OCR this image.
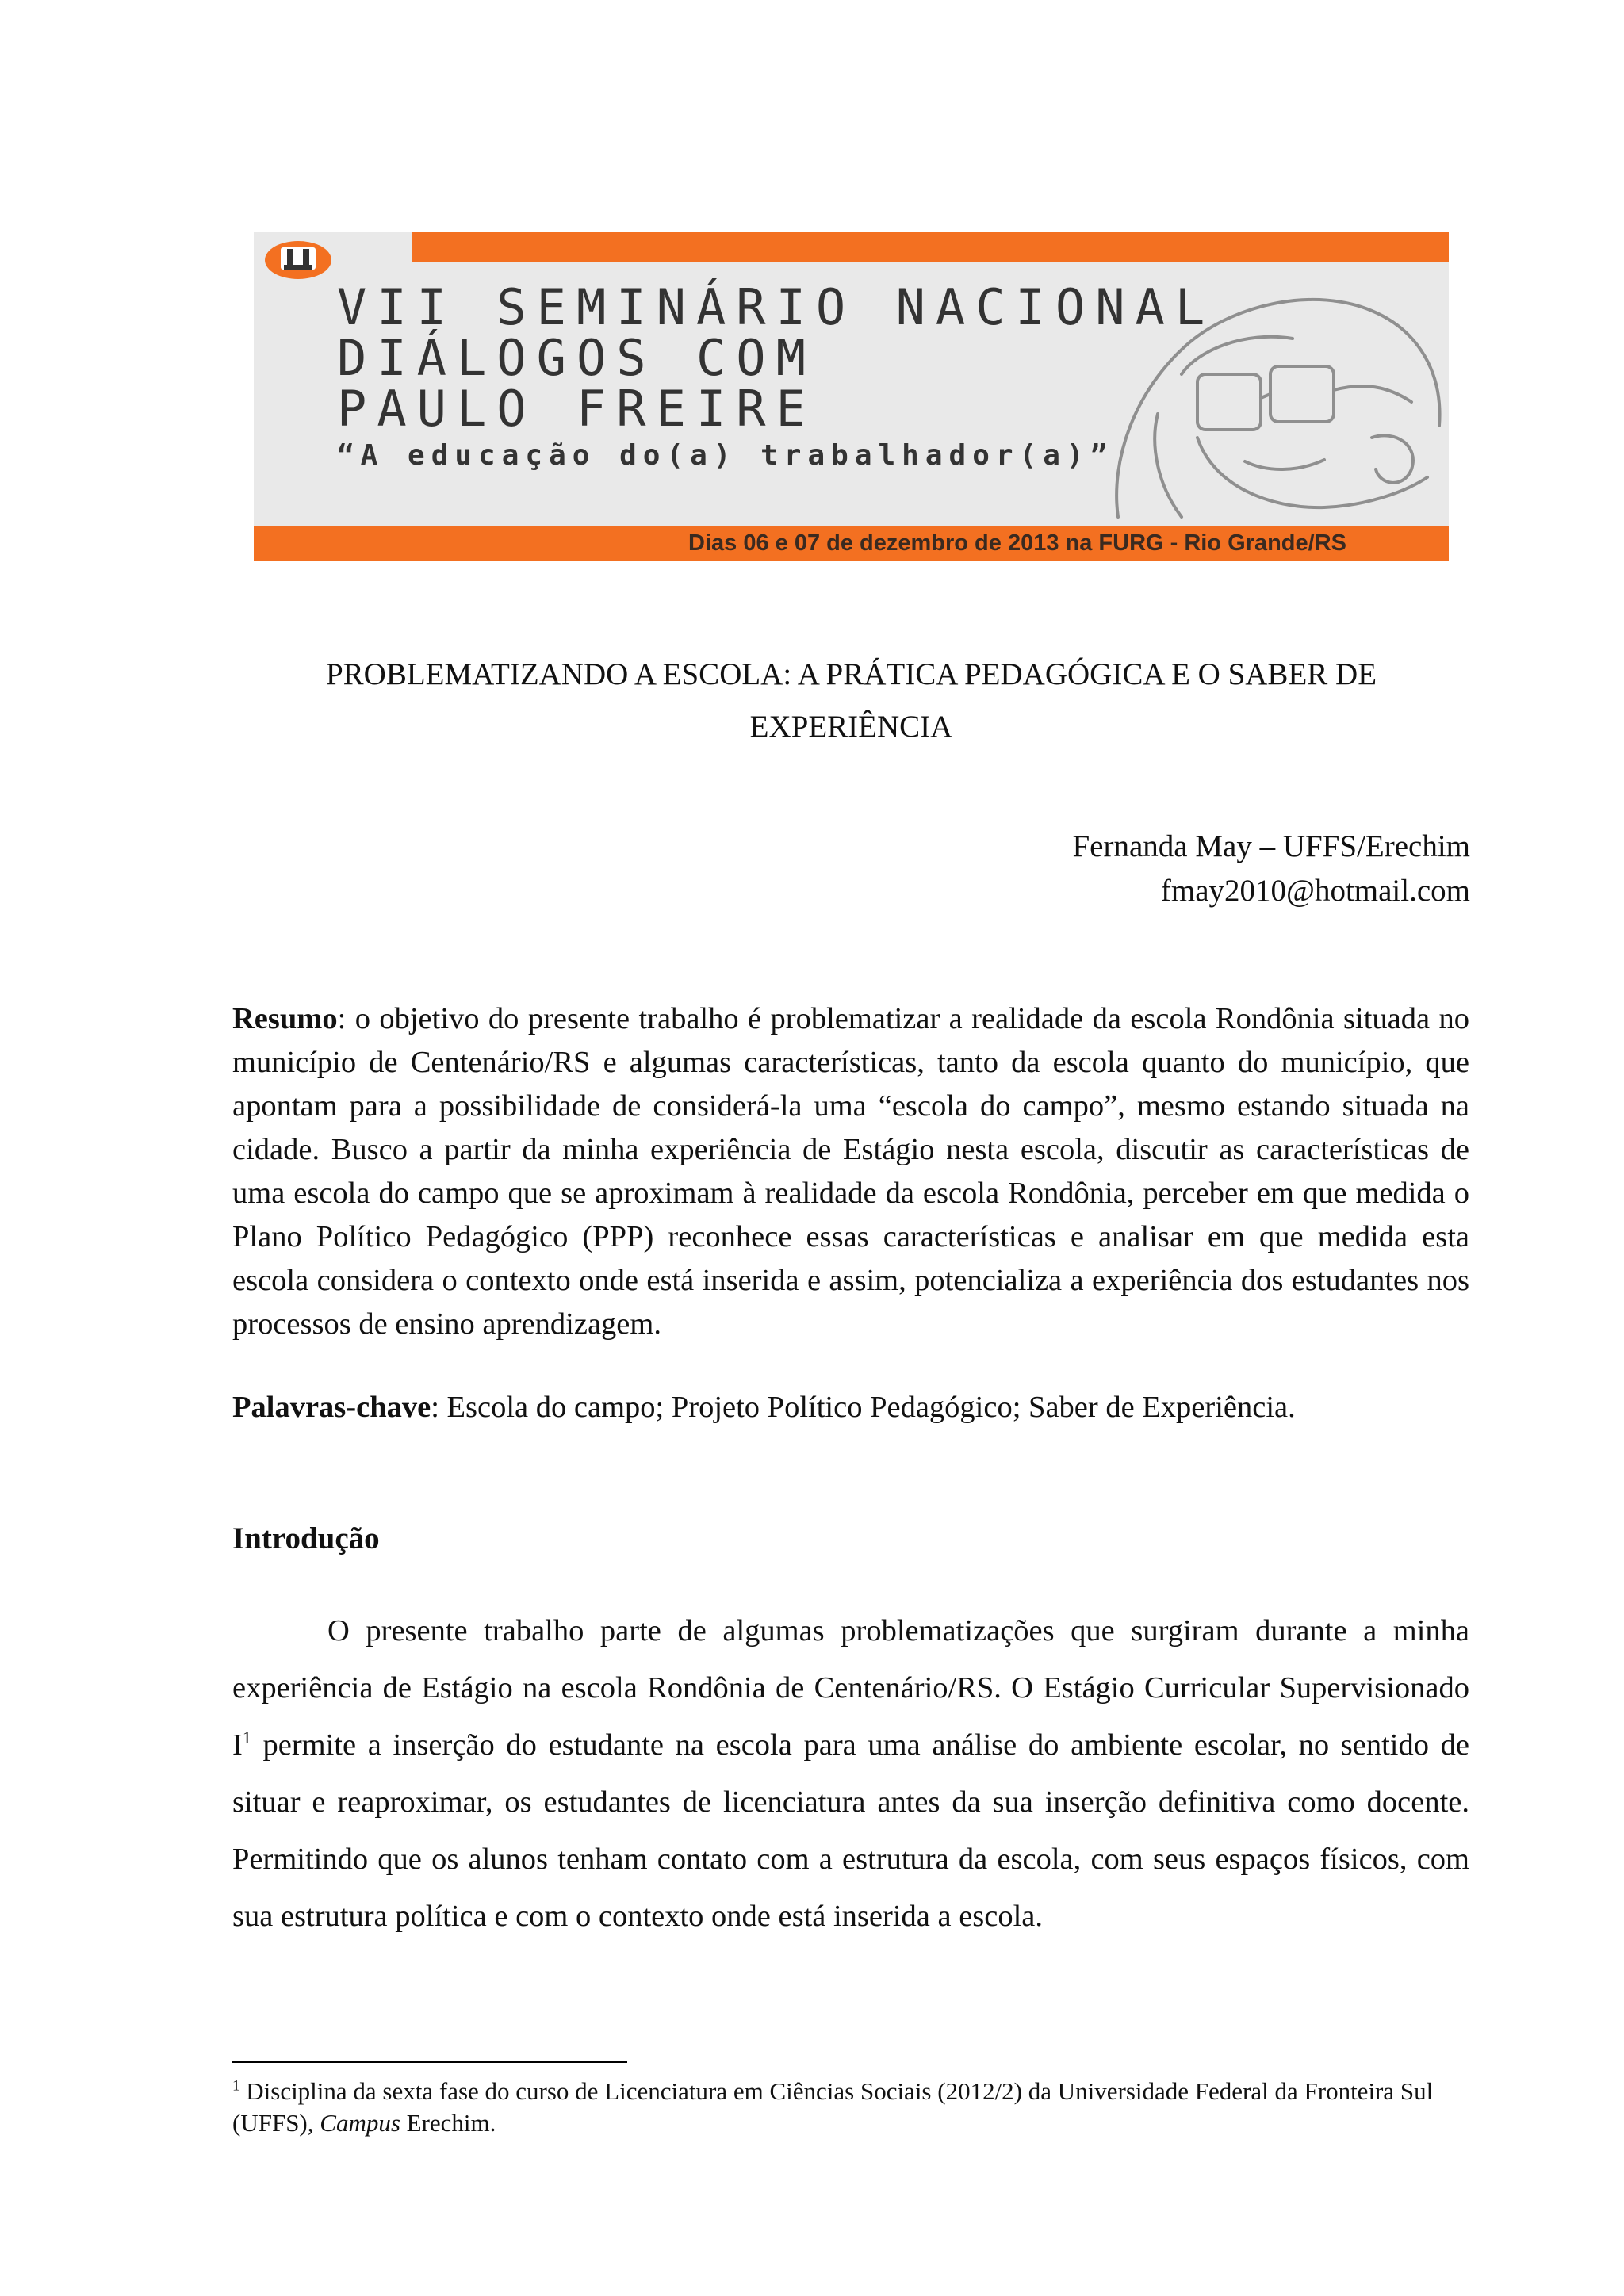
VII SEMINÁRIO NACIONAL
DIÁLOGOS COM
PAULO FREIRE
“A educação do(a) trabalhador(a)”
Dias 06 e 07 de dezembro de 2013 na FURG - Rio Grande/RS
PROBLEMATIZANDO A ESCOLA: A PRÁTICA PEDAGÓGICA E O SABER DE EXPERIÊNCIA
Fernanda May – UFFS/Erechim
fmay2010@hotmail.com

Resumo: o objetivo do presente trabalho é problematizar a realidade da escola Rondônia situada no município de Centenário/RS e algumas características, tanto da escola quanto do município, que apontam para a possibilidade de considerá-la uma “escola do campo”, mesmo estando situada na cidade. Busco a partir da minha experiência de Estágio nesta escola, discutir as características de uma escola do campo que se aproximam à realidade da escola Rondônia, perceber em que medida o Plano Político Pedagógico (PPP) reconhece essas características e analisar em que medida esta escola considera o contexto onde está inserida e assim, potencializa a experiência dos estudantes nos processos de ensino aprendizagem.

Palavras-chave: Escola do campo; Projeto Político Pedagógico; Saber de Experiência.

Introdução

O presente trabalho parte de algumas problematizações que surgiram durante a minha experiência de Estágio na escola Rondônia de Centenário/RS. O Estágio Curricular Supervisionado $I^1$ permite a inserção do estudante na escola para uma análise do ambiente escolar, no sentido de situar e reaproximar, os estudantes de licenciatura antes da sua inserção definitiva como docente. Permitindo que os alunos tenham contato com a estrutura da escola, com seus espaços físicos, com sua estrutura política e com o contexto onde está inserida a escola.

$^1$ Disciplina da sexta fase do curso de Licenciatura em Ciências Sociais (2012/2) da Universidade Federal da Fronteira Sul (UFFS), Campus Erechim.
